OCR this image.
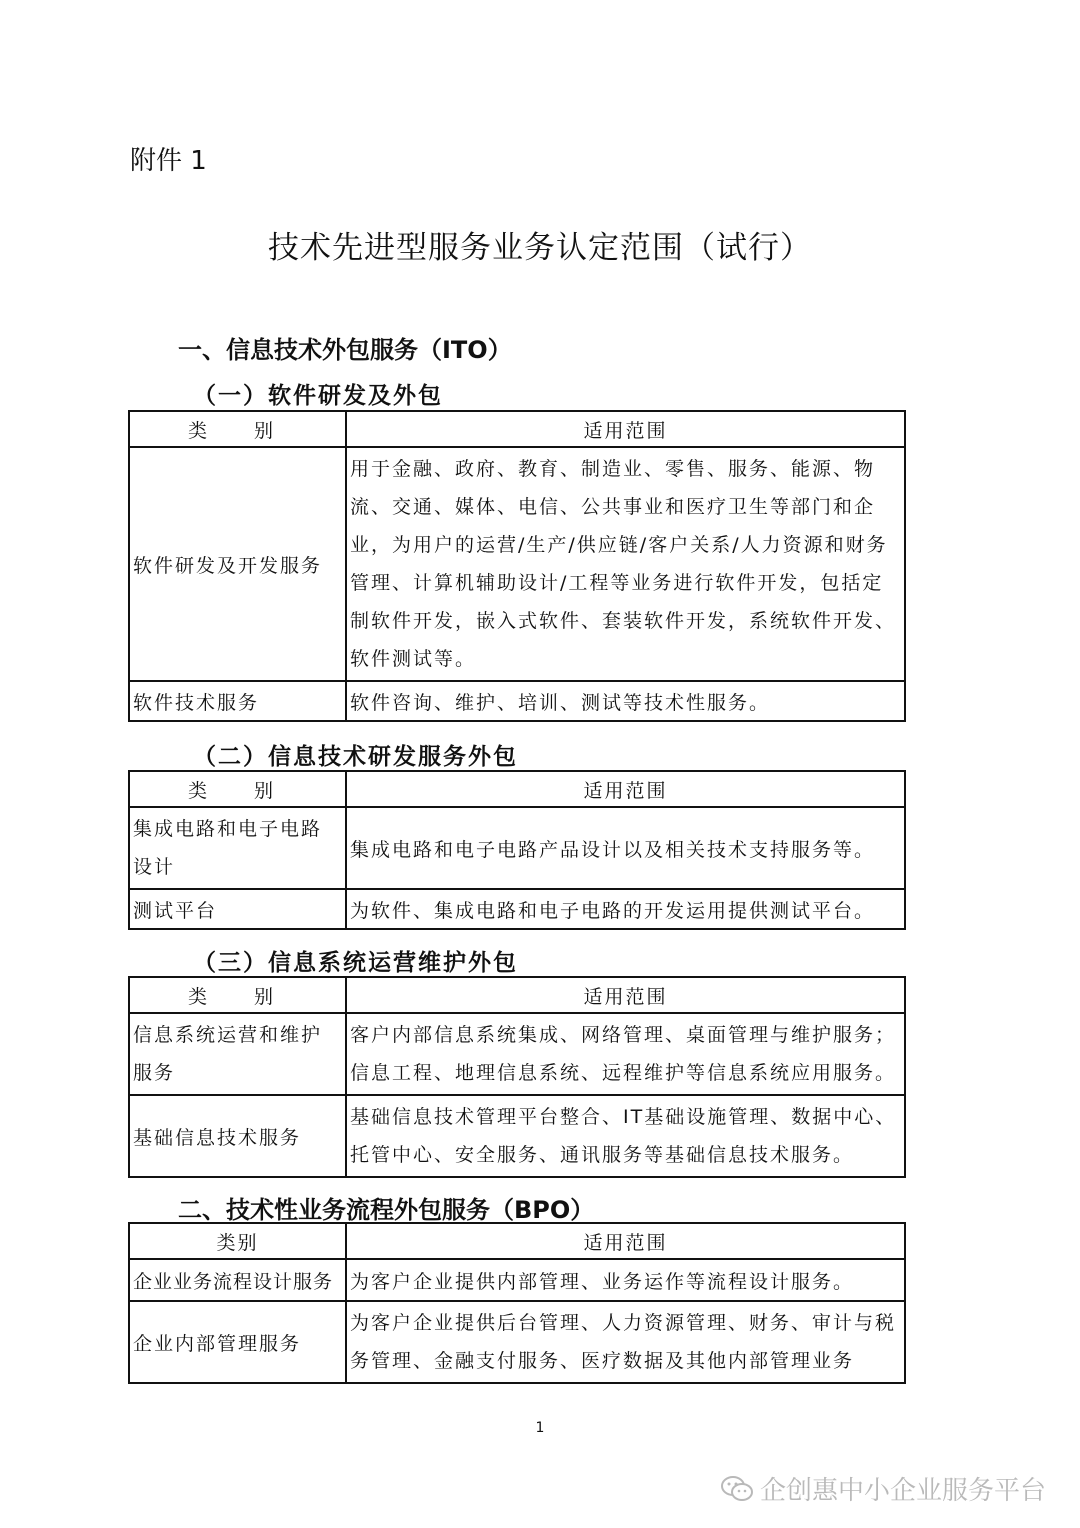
附件 1
技术先进型服务业务认定范围（试行）
一、信息技术外包服务（ITO）
（一）软件研发及外包
类　别	适用范围
软件研发及开发服务	用于金融、政府、教育、制造业、零售、服务、能源、物流、交通、媒体、电信、公共事业和医疗卫生等部门和企业，为用户的运营/生产/供应链/客户关系/人力资源和财务管理、计算机辅助设计/工程等业务进行软件开发，包括定制软件开发，嵌入式软件、套装软件开发，系统软件开发、软件测试等。
软件技术服务	软件咨询、维护、培训、测试等技术性服务。
（二）信息技术研发服务外包
类　别	适用范围
集成电路和电子电路设计	集成电路和电子电路产品设计以及相关技术支持服务等。
测试平台	为软件、集成电路和电子电路的开发运用提供测试平台。
（三）信息系统运营维护外包
类　别	适用范围
信息系统运营和维护服务	客户内部信息系统集成、网络管理、桌面管理与维护服务；信息工程、地理信息系统、远程维护等信息系统应用服务。
基础信息技术服务	基础信息技术管理平台整合、IT基础设施管理、数据中心、托管中心、安全服务、通讯服务等基础信息技术服务。
二、技术性业务流程外包服务（BPO）
类别	适用范围
企业业务流程设计服务	为客户企业提供内部管理、业务运作等流程设计服务。
企业内部管理服务	为客户企业提供后台管理、人力资源管理、财务、审计与税务管理、金融支付服务、医疗数据及其他内部管理业务
1
企创惠中小企业服务平台
